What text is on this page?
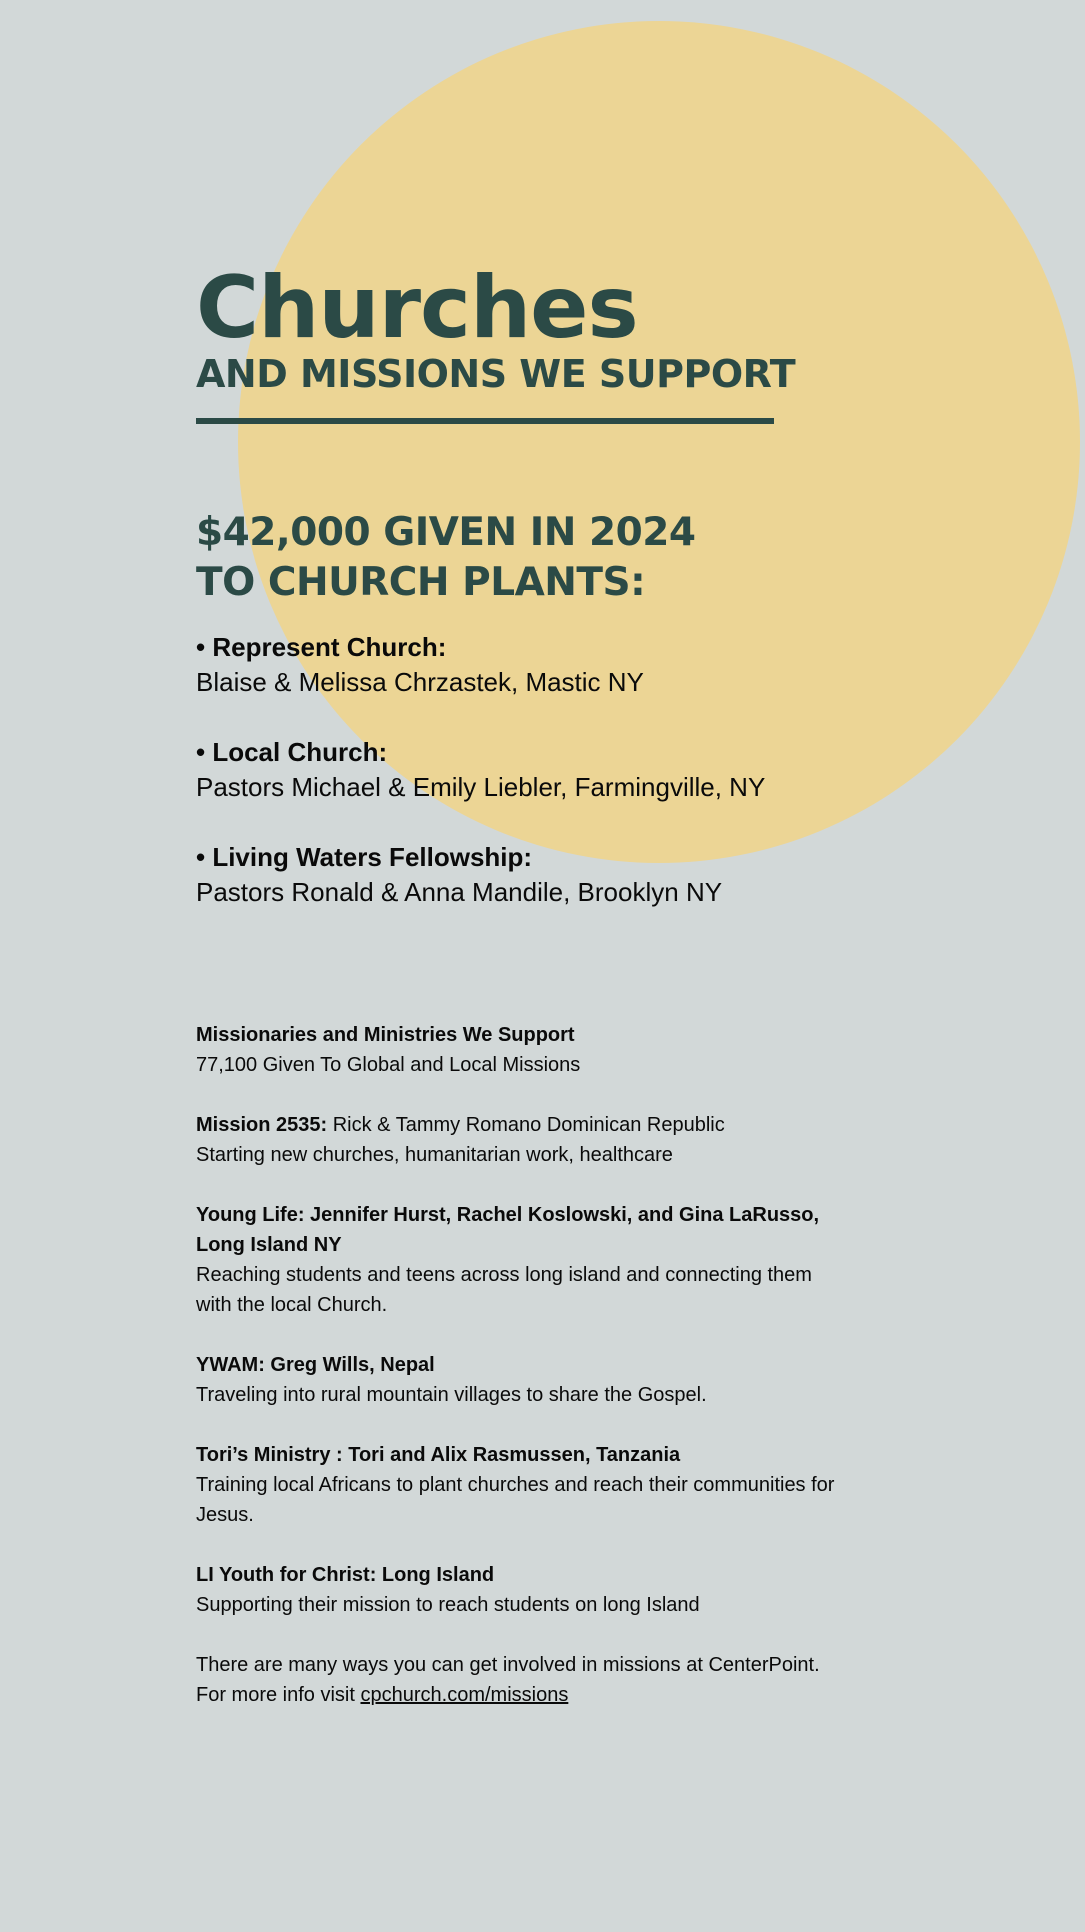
Churches
AND MISSIONS WE SUPPORT
$42,000 GIVEN IN 2024
TO CHURCH PLANTS:
• Represent Church:
Blaise & Melissa Chrzastek, Mastic NY
• Local Church:
Pastors Michael & Emily Liebler, Farmingville, NY
• Living Waters Fellowship:
Pastors Ronald & Anna Mandile, Brooklyn NY

Missionaries and Ministries We Support
77,100 Given To Global and Local Missions

Mission 2535: Rick & Tammy Romano Dominican Republic
Starting new churches, humanitarian work, healthcare

Young Life: Jennifer Hurst, Rachel Koslowski, and Gina LaRusso, Long Island NY
Reaching students and teens across long island and connecting them with the local Church.

YWAM: Greg Wills, Nepal
Traveling into rural mountain villages to share the Gospel.

Tori’s Ministry : Tori and Alix Rasmussen, Tanzania
Training local Africans to plant churches and reach their communities for Jesus.

LI Youth for Christ: Long Island
Supporting their mission to reach students on long Island

There are many ways you can get involved in missions at CenterPoint.
For more info visit cpchurch.com/missions
